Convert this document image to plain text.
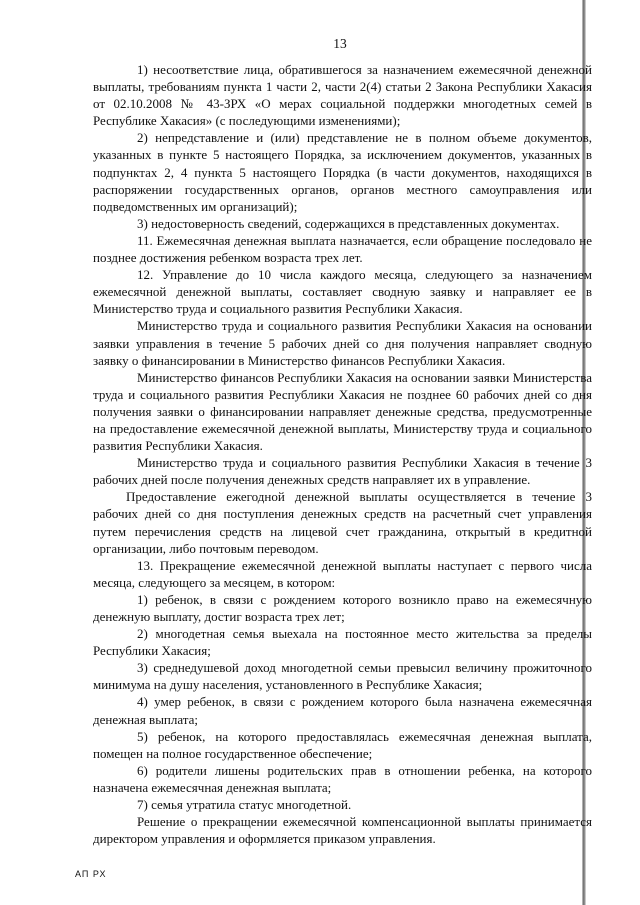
13

1) несоответствие лица, обратившегося за назначением ежемесячной денежной выплаты, требованиям пункта 1 части 2, части 2(4) статьи 2 Закона Республики Хакасия от 02.10.2008 № 43-ЗРХ «О мерах социальной поддержки многодетных семей в Республике Хакасия» (с последующими изменениями);

2) непредставление и (или) представление не в полном объеме документов, указанных в пункте 5 настоящего Порядка, за исключением документов, указанных в подпунктах 2, 4 пункта 5 настоящего Порядка (в части документов, находящихся в распоряжении государственных органов, органов местного самоуправления или подведомственных им организаций);

3) недостоверность сведений, содержащихся в представленных документах.

11. Ежемесячная денежная выплата назначается, если обращение последовало не позднее достижения ребенком возраста трех лет.

12. Управление до 10 числа каждого месяца, следующего за назначением ежемесячной денежной выплаты, составляет сводную заявку и направляет ее в Министерство труда и социального развития Республики Хакасия.

Министерство труда и социального развития Республики Хакасия на основании заявки управления в течение 5 рабочих дней со дня получения направляет сводную заявку о финансировании в Министерство финансов Республики Хакасия.

Министерство финансов Республики Хакасия на основании заявки Министерства труда и социального развития Республики Хакасия не позднее 60 рабочих дней со дня получения заявки о финансировании направляет денежные средства, предусмотренные на предоставление ежемесячной денежной выплаты, Министерству труда и социального развития Республики Хакасия.

Министерство труда и социального развития Республики Хакасия в течение 3 рабочих дней после получения денежных средств направляет их в управление.

Предоставление ежегодной денежной выплаты осуществляется в течение 3 рабочих дней со дня поступления денежных средств на расчетный счет управления путем перечисления средств на лицевой счет гражданина, открытый в кредитной организации, либо почтовым переводом.

13. Прекращение ежемесячной денежной выплаты наступает с первого числа месяца, следующего за месяцем, в котором:

1) ребенок, в связи с рождением которого возникло право на ежемесячную денежную выплату, достиг возраста трех лет;

2) многодетная семья выехала на постоянное место жительства за пределы Республики Хакасия;

3) среднедушевой доход многодетной семьи превысил величину прожиточного минимума на душу населения, установленного в Республике Хакасия;

4) умер ребенок, в связи с рождением которого была назначена ежемесячная денежная выплата;

5) ребенок, на которого предоставлялась ежемесячная денежная выплата, помещен на полное государственное обеспечение;

6) родители лишены родительских прав в отношении ребенка, на которого назначена ежемесячная денежная выплата;

7) семья утратила статус многодетной.

Решение о прекращении ежемесячной компенсационной выплаты принимается директором управления и оформляется приказом управления.

АП РХ
